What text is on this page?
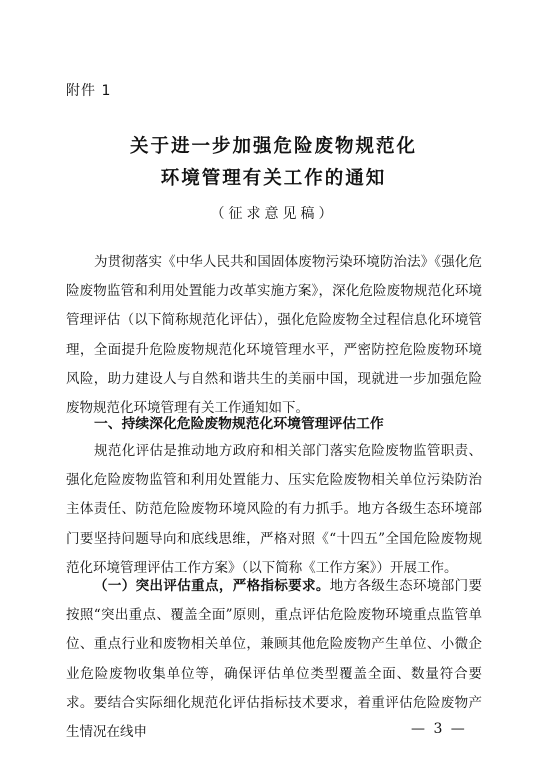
附件 1
关于进一步加强危险废物规范化
环境管理有关工作的通知
（征求意见稿）
为贯彻落实《中华人民共和国固体废物污染环境防治法》《强化危险废物监管和利用处置能力改革实施方案》，深化危险废物规范化环境管理评估（以下简称规范化评估），强化危险废物全过程信息化环境管理，全面提升危险废物规范化环境管理水平，严密防控危险废物环境风险，助力建设人与自然和谐共生的美丽中国，现就进一步加强危险废物规范化环境管理有关工作通知如下。
一、持续深化危险废物规范化环境管理评估工作
规范化评估是推动地方政府和相关部门落实危险废物监管职责、强化危险废物监管和利用处置能力、压实危险废物相关单位污染防治主体责任、防范危险废物环境风险的有力抓手。地方各级生态环境部门要坚持问题导向和底线思维，严格对照《“十四五”全国危险废物规范化环境管理评估工作方案》（以下简称《工作方案》）开展工作。
（一）突出评估重点，严格指标要求。地方各级生态环境部门要按照“突出重点、覆盖全面”原则，重点评估危险废物环境重点监管单位、重点行业和废物相关单位，兼顾其他危险废物产生单位、小微企业危险废物收集单位等，确保评估单位类型覆盖全面、数量符合要求。要结合实际细化规范化评估指标技术要求，着重评估危险废物产生情况在线申	— 3 —
